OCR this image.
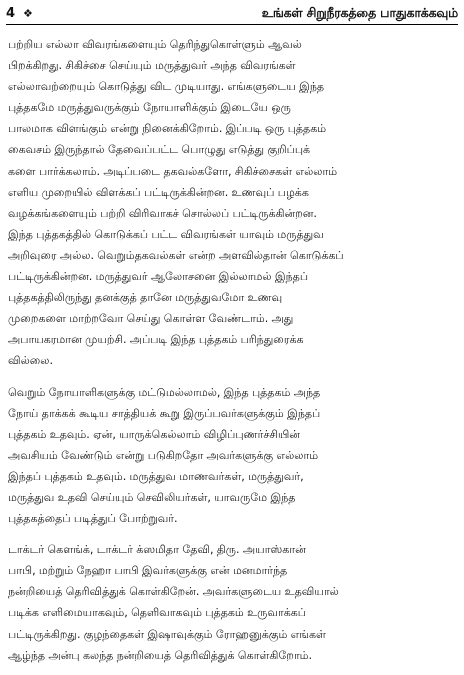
4 ❖	உங்கள் சிறுநீரகத்தை பாதுகாக்கவும்
பற்றிய எல்லா விவரங்களையும் தெரிந்துகொள்ளும் ஆவல்
பிறக்கிறது. சிகிச்சை செய்யும் மருத்துவர் அந்த விவரங்கள்
எல்லாவற்றையும் கொடுத்து விட முடியாது. எங்களுடைய இந்த
புத்தகமே மருத்துவருக்கும் நோயாளிக்கும் இடையே ஒரு
பாலமாக விளங்கும் என்று நினைக்கிறோம். இப்படி ஒரு புத்தகம்
கைவசம் இருந்தால் தேவைப்பட்ட பொழுது எடுத்து குறிப்புக்
களை பார்க்கலாம். அடிப்படை தகவல்களோ, சிகிச்சைகள் எல்லாம்
எளிய முறையில் விளக்கப் பட்டிருக்கின்றன. உணவுப் பழக்க
வழக்கங்களையும் பற்றி விரிவாகச் சொல்லப் பட்டிருக்கின்றன.
இந்த புத்தகத்தில் கொடுக்கப் பட்ட விவரங்கள் யாவும் மருத்துவ
அறிவுரை அல்ல. வெறும்தகவல்கள் என்ற அளவில்தான் கொடுக்கப்
பட்டிருக்கின்றன. மருத்துவர் ஆலோசனை இல்லாமல் இந்தப்
புத்தகத்திலிருந்து தனக்குத் தானே மருத்துவமோ உணவு
முறைகளை மாற்றவோ செய்து கொள்ள வேண்டாம். அது
அபாயகரமான முயற்சி. அப்படி இந்த புத்தகம் பரிந்துரைக்க
வில்லை.
வெறும் நோயாளிகளுக்கு மட்டுமல்லாமல், இந்த புத்தகம் அந்த
நோய் தாக்கக் கூடிய சாத்தியக் கூறு இருப்பவர்களுக்கும் இந்தப்
புத்தகம் உதவும். ஏன், யாருக்கெல்லாம் விழிப்புணர்ச்சியின்
அவசியம் வேண்டும் என்று படுகிறதோ அவர்களுக்கு எல்லாம்
இந்தப் புத்தகம் உதவும். மருத்துவ மாணவர்கள், மருத்துவர்,
மருத்துவ உதவி செய்யும் செவிலியர்கள், யாவருமே இந்த
புத்தகத்தைப் படித்துப் போற்றுவர்.
டாக்டர் கௌங்க், டாக்டர் க்ஸமிதா தேவி, திரு. அயாஸ்கான்
பாபி, மற்றும் நேஹா பாபி இவர்களுக்கு என் மனமார்ந்த
நன்றியைத் தெரிவித்துக் கொள்கிறேன். அவர்களுடைய உதவியால்
படிக்க எளிமையாகவும், தெளிவாகவும் புத்தகம் உருவாக்கப்
பட்டிருக்கிறது. குழந்தைகள் இஷாவுக்கும் ரோஹனுக்கும் எங்கள்
ஆழ்ந்த அன்பு கலந்த நன்றியைத் தெரிவித்துக் கொள்கிறோம்.
